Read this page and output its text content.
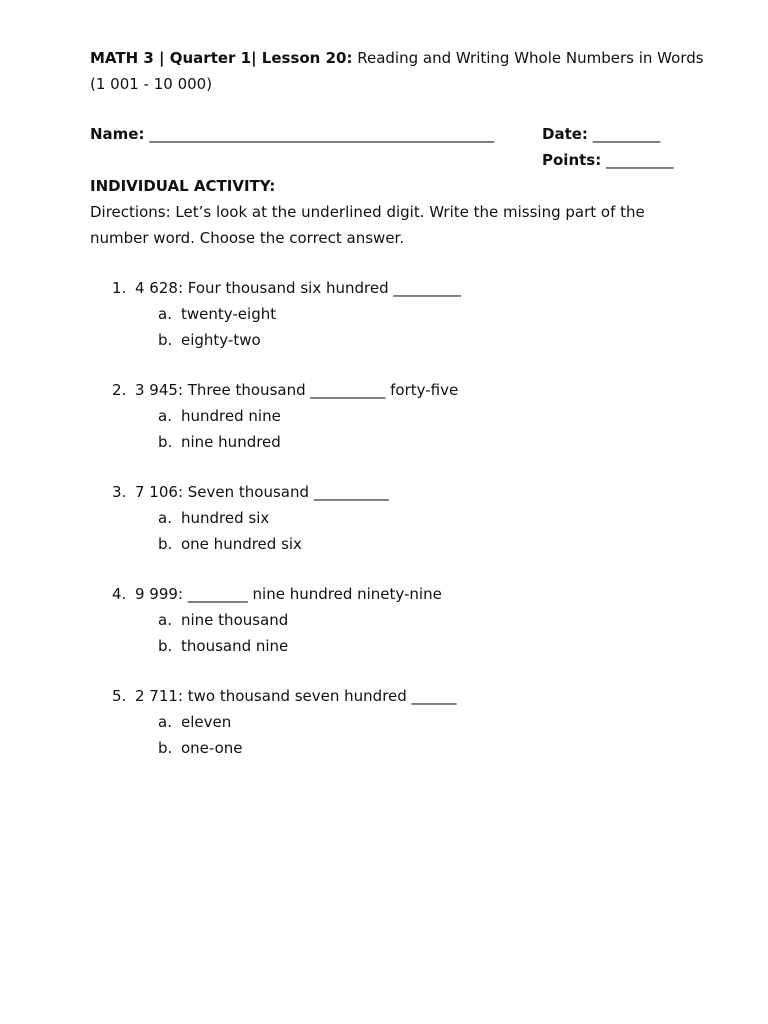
MATH 3 | Quarter 1| Lesson 20: Reading and Writing Whole Numbers in Words
(1 001 - 10 000)
Name: ______________________________________________	Date: _________
Points: _________
INDIVIDUAL ACTIVITY:
Directions: Let’s look at the underlined digit. Write the missing part of the number word. Choose the correct answer.
1. 4 628: Four thousand six hundred _________
a. twenty-eight
b. eighty-two
2. 3 945: Three thousand __________ forty-five
a. hundred nine
b. nine hundred
3. 7 106: Seven thousand __________
a. hundred six
b. one hundred six
4. 9 999: ________ nine hundred ninety-nine
a. nine thousand
b. thousand nine
5. 2 711: two thousand seven hundred ______
a. eleven
b. one-one
